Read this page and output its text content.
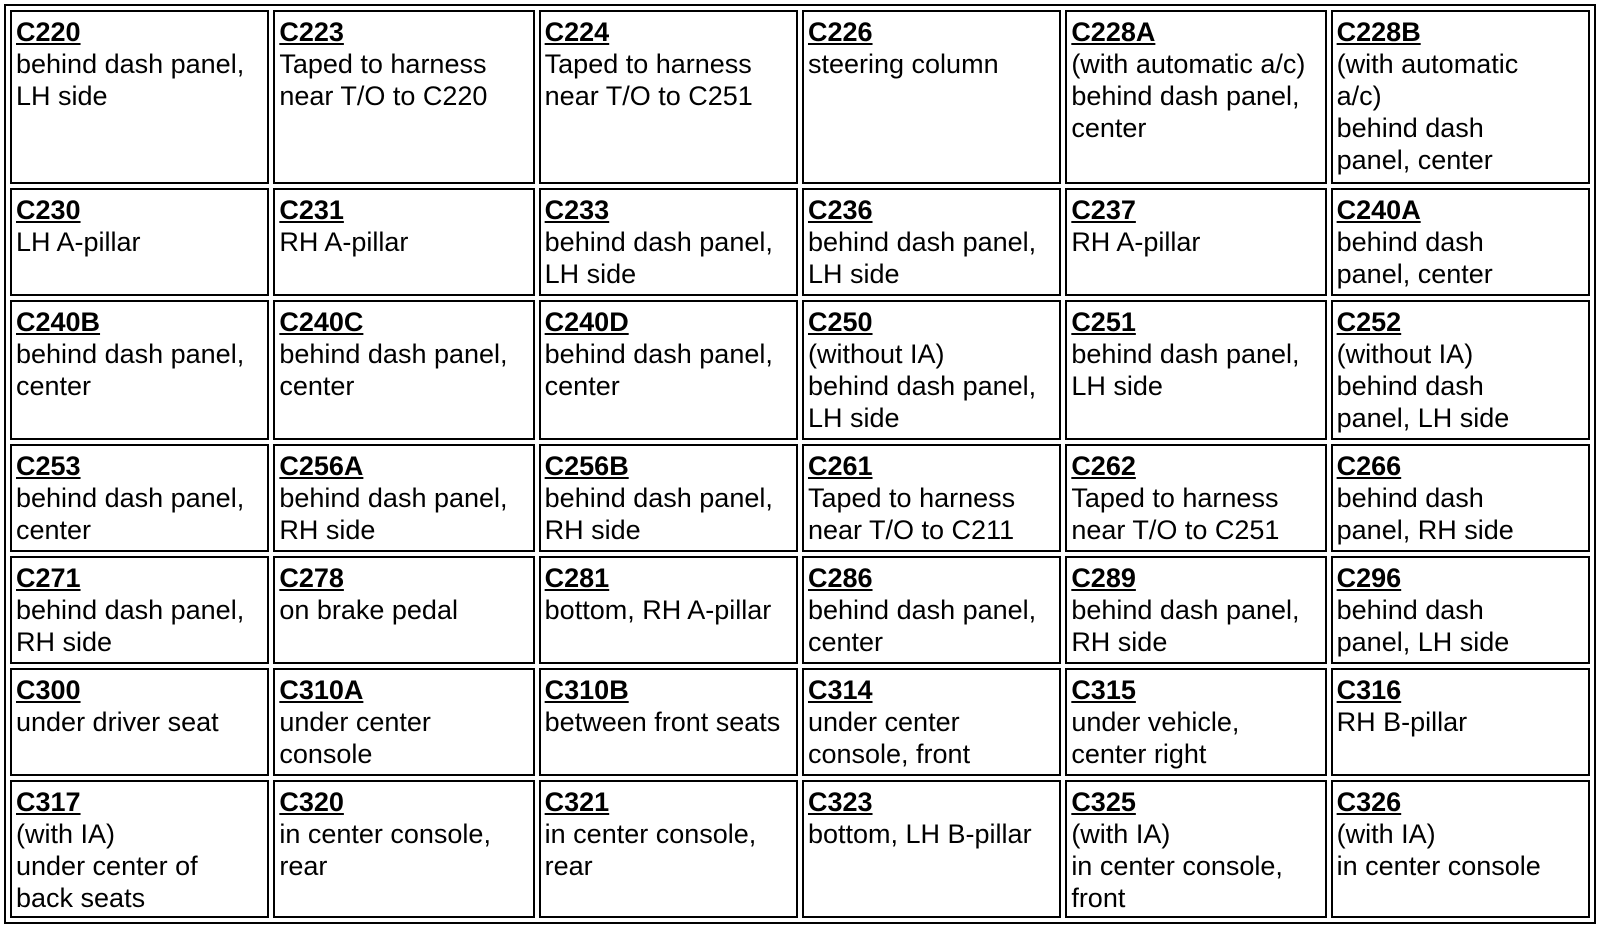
C220
behind dash panel,
LH side	C223
Taped to harness
near T/O to C220	C224
Taped to harness
near T/O to C251	C226
steering column	C228A
(with automatic a/c)
behind dash panel,
center	C228B
(with automatic
a/c)
behind dash
panel, center

C230
LH A-pillar	C231
RH A-pillar	C233
behind dash panel,
LH side	C236
behind dash panel,
LH side	C237
RH A-pillar	C240A
behind dash
panel, center

C240B
behind dash panel,
center	C240C
behind dash panel,
center	C240D
behind dash panel,
center	C250
(without IA)
behind dash panel,
LH side	C251
behind dash panel,
LH side	C252
(without IA)
behind dash
panel, LH side

C253
behind dash panel,
center	C256A
behind dash panel,
RH side	C256B
behind dash panel,
RH side	C261
Taped to harness
near T/O to C211	C262
Taped to harness
near T/O to C251	C266
behind dash
panel, RH side

C271
behind dash panel,
RH side	C278
on brake pedal	C281
bottom, RH A-pillar	C286
behind dash panel,
center	C289
behind dash panel,
RH side	C296
behind dash
panel, LH side

C300
under driver seat	C310A
under center
console	C310B
between front seats	C314
under center
console, front	C315
under vehicle,
center right	C316
RH B-pillar

C317
(with IA)
under center of
back seats	C320
in center console,
rear	C321
in center console,
rear	C323
bottom, LH B-pillar	C325
(with IA)
in center console,
front	C326
(with IA)
in center console
